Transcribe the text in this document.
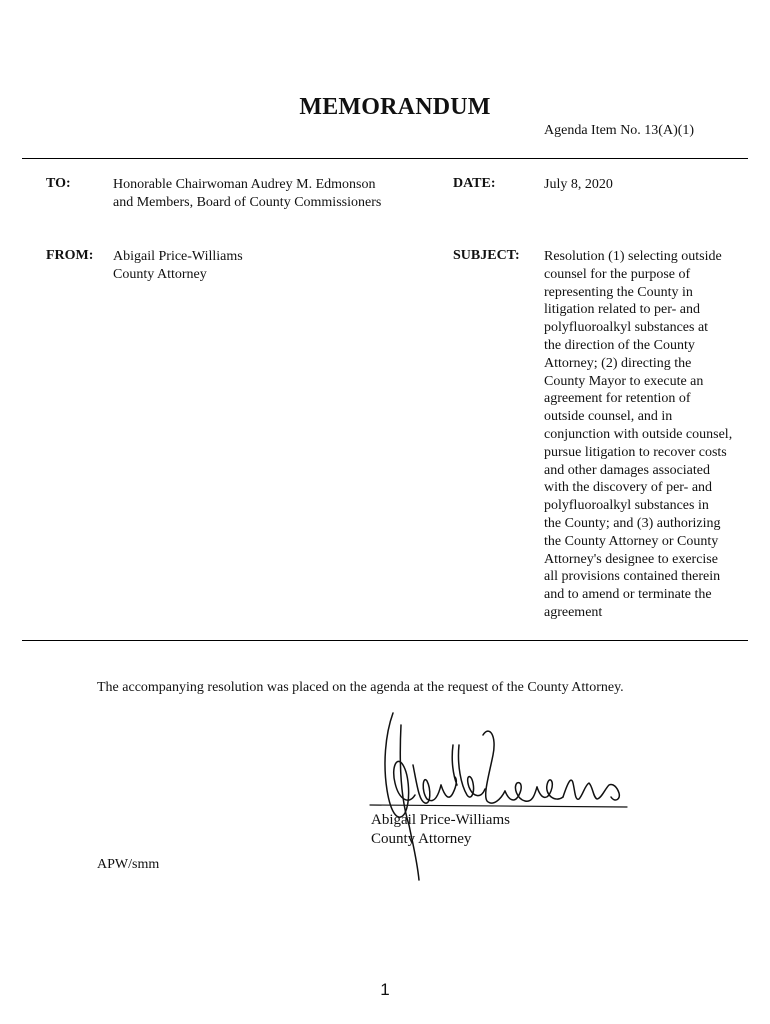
MEMORANDUM
Agenda Item No. 13(A)(1)
TO:	Honorable Chairwoman Audrey M. Edmonson
and Members, Board of County Commissioners
DATE:	July 8, 2020
FROM: Abigail Price-Williams
County Attorney
SUBJECT: Resolution (1) selecting outside
counsel for the purpose of
representing the County in
litigation related to per- and
polyfluoroalkyl substances at
the direction of the County
Attorney; (2) directing the
County Mayor to execute an
agreement for retention of
outside counsel, and in
conjunction with outside counsel,
pursue litigation to recover costs
and other damages associated
with the discovery of per- and
polyfluoroalkyl substances in
the County; and (3) authorizing
the County Attorney or County
Attorney's designee to exercise
all provisions contained therein
and to amend or terminate the
agreement
The accompanying resolution was placed on the agenda at the request of the County Attorney.
Abigail Price-Williams
County Attorney
APW/smm
1
